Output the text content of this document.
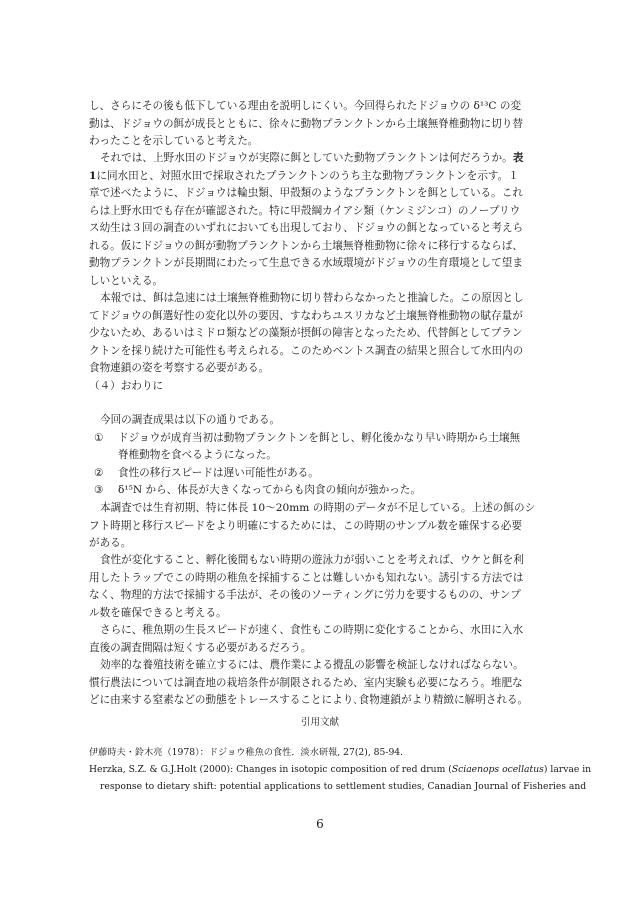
し、さらにその後も低下している理由を説明しにくい。今回得られたドジョウの δ¹³C の変

動は、ドジョウの餌が成長とともに、徐々に動物プランクトンから土壌無脊椎動物に切り替

わったことを示していると考えた。

それでは、上野水田のドジョウが実際に餌としていた動物プランクトンは何だろうか。表

1に同水田と、対照水田で採取されたプランクトンのうち主な動物プランクトンを示す。１

章で述べたように、ドジョウは輪虫類、甲殻類のようなプランクトンを餌としている。これ

らは上野水田でも存在が確認された。特に甲殻綱カイアシ類（ケンミジンコ）のノープリウ

ス幼生は３回の調査のいずれにおいても出現しており、ドジョウの餌となっていると考えら

れる。仮にドジョウの餌が動物プランクトンから土壌無脊椎動物に徐々に移行するならば、

動物プランクトンが長期間にわたって生息できる水域環境がドジョウの生育環境として望ま

しいといえる。

本報では、餌は急速には土壌無脊椎動物に切り替わらなかったと推論した。この原因とし

てドジョウの餌選好性の変化以外の要因、すなわちユスリカなど土壌無脊椎動物の賦存量が

少ないため、あるいはミドロ類などの藻類が摂餌の障害となったため、代替餌としてプラン

クトンを採り続けた可能性も考えられる。このためベントス調査の結果と照合して水田内の

食物連鎖の姿を考察する必要がある。

（４）おわりに

今回の調査成果は以下の通りである。

①	ドジョウが成育当初は動物プランクトンを餌とし、孵化後かなり早い時期から土壌無

脊椎動物を食べるようになった。

②	食性の移行スピードは遅い可能性がある。
③	δ¹⁵N から、体長が大きくなってからも肉食の傾向が強かった。

本調査では生育初期、特に体長 10～20mm の時期のデータが不足している。上述の餌のシ

フト時期と移行スピードをより明確にするためには、この時期のサンプル数を確保する必要

がある。

食性が変化すること、孵化後間もない時期の遊泳力が弱いことを考えれば、ウケと餌を利

用したトラップでこの時期の稚魚を採捕することは難しいかも知れない。誘引する方法では

なく、物理的方法で採捕する手法が、その後のソーティングに労力を要するものの、サンプ

ル数を確保できると考える。

さらに、稚魚期の生長スピードが速く、食性もこの時期に変化することから、水田に入水

直後の調査間隔は短くする必要があるだろう。

効率的な養殖技術を確立するには、農作業による攪乱の影響を検証しなければならない。

慣行農法については調査地の栽培条件が制限されるため、室内実験も必要になろう。堆肥な

どに由来する窒素などの動態をトレースすることにより､食物連鎖がより精緻に解明される。

引用文献

伊藤時夫・鈴木亮（1978）：ドジョウ稚魚の食性．淡水研報, 27(2), 85-94.

Herzka, S.Z. & G.J.Holt (2000): Changes in isotopic composition of red drum (Sciaenops ocellatus) larvae in

response to dietary shift: potential applications to settlement studies, Canadian Journal of Fisheries and

6
